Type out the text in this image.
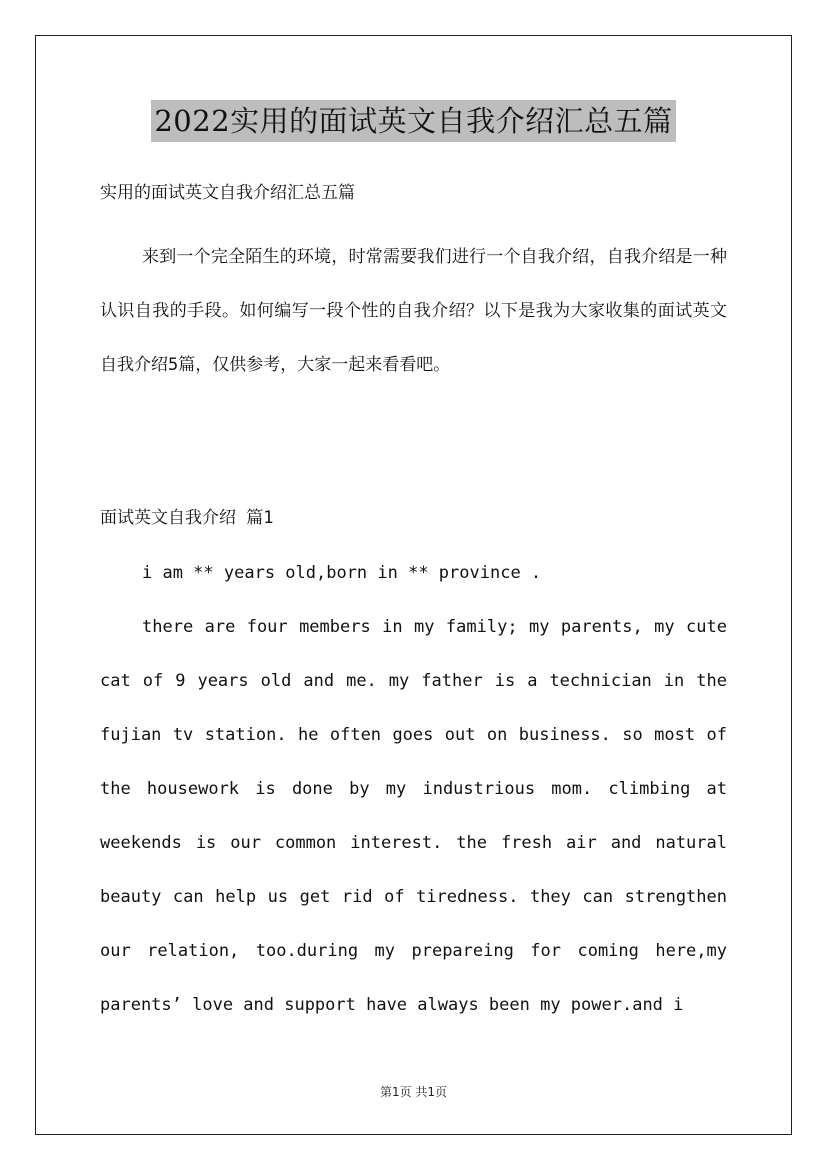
2022实用的面试英文自我介绍汇总五篇
实用的面试英文自我介绍汇总五篇
来到一个完全陌生的环境，时常需要我们进行一个自我介绍，自我介绍是一种认识自我的手段。如何编写一段个性的自我介绍？以下是我为大家收集的面试英文自我介绍5篇，仅供参考，大家一起来看看吧。
面试英文自我介绍 篇1
i am ** years old,born in ** province .
there are four members in my family; my parents, my cute cat of 9 years old and me. my father is a technician in the fujian tv station. he often goes out on business. so most of the housework is done by my industrious mom. climbing at weekends is our common interest. the fresh air and natural beauty can help us get rid of tiredness. they can strengthen our relation, too.during my prepareing for coming here,my parents’ love and support have always been my power.and i
第1页 共1页
